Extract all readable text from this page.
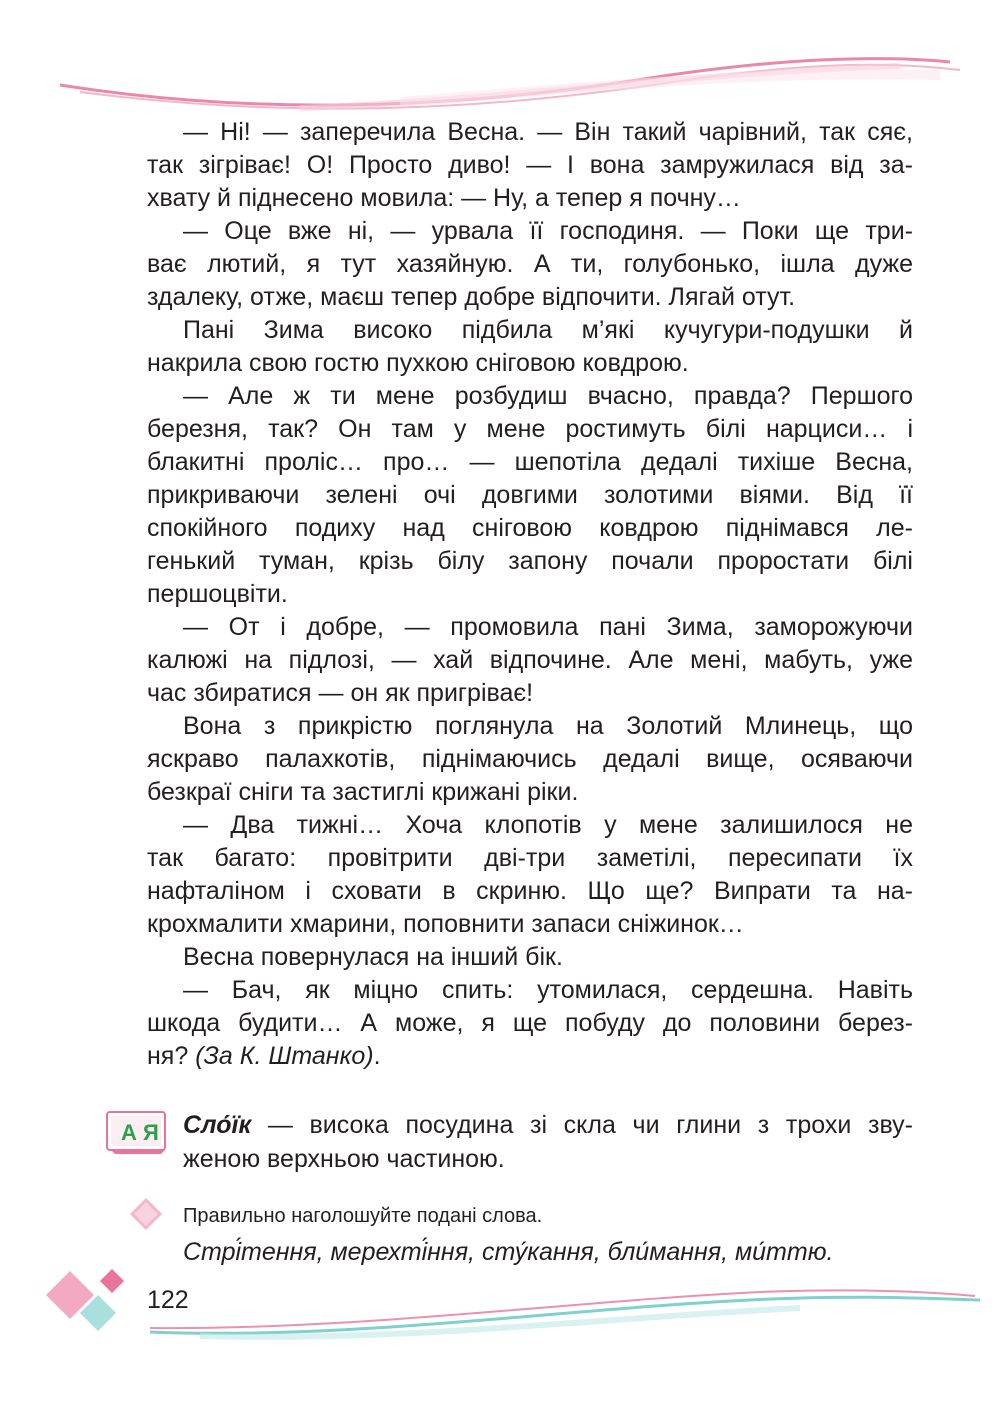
— Ні! — заперечила Весна. — Він такий чарівний, так сяє,
так зігріває! О! Просто диво! — І вона замружилася від за-
хвату й піднесено мовила: — Ну, а тепер я почну…
— Оце вже ні, — урвала її господиня. — Поки ще три-
ває лютий, я тут хазяйную. А ти, голубонько, ішла дуже
здалеку, отже, маєш тепер добре відпочити. Лягай отут.
Пані Зима високо підбила м’які кучугури-подушки й
накрила свою гостю пухкою сніговою ковдрою.
— Але ж ти мене розбудиш вчасно, правда? Першого
березня, так? Он там у мене ростимуть білі нарциси… і
блакитні проліс… про… — шепотіла дедалі тихіше Весна,
прикриваючи зелені очі довгими золотими віями. Від її
спокійного подиху над сніговою ковдрою піднімався ле-
генький туман, крізь білу запону почали проростати білі
першоцвіти.
— От і добре, — промовила пані Зима, заморожуючи
калюжі на підлозі, — хай відпочине. Але мені, мабуть, уже
час збиратися — он як пригріває!
Вона з прикрістю поглянула на Золотий Млинець, що
яскраво палахкотів, піднімаючись дедалі вище, осяваючи
безкраї сніги та застиглі крижані ріки.
— Два тижні… Хоча клопотів у мене залишилося не
так багато: провітрити дві-три заметілі, пересипати їх
нафталіном і сховати в скриню. Що ще? Випрати та на-
крохмалити хмарини, поповнити запаси сніжинок…
Весна повернулася на інший бік.
— Бач, як міцно спить: утомилася, сердешна. Навіть
шкода будити… А може, я ще побуду до половини берез-
ня? (За К. Штанко).
А Я Сло́їк — висока посудина зі скла чи глини з трохи зву-
женою верхньою частиною.
Правильно наголошуйте подані слова.
Стрі́тення, мерехті́ння, сту́кання, бли́мання, ми́ттю.
122
